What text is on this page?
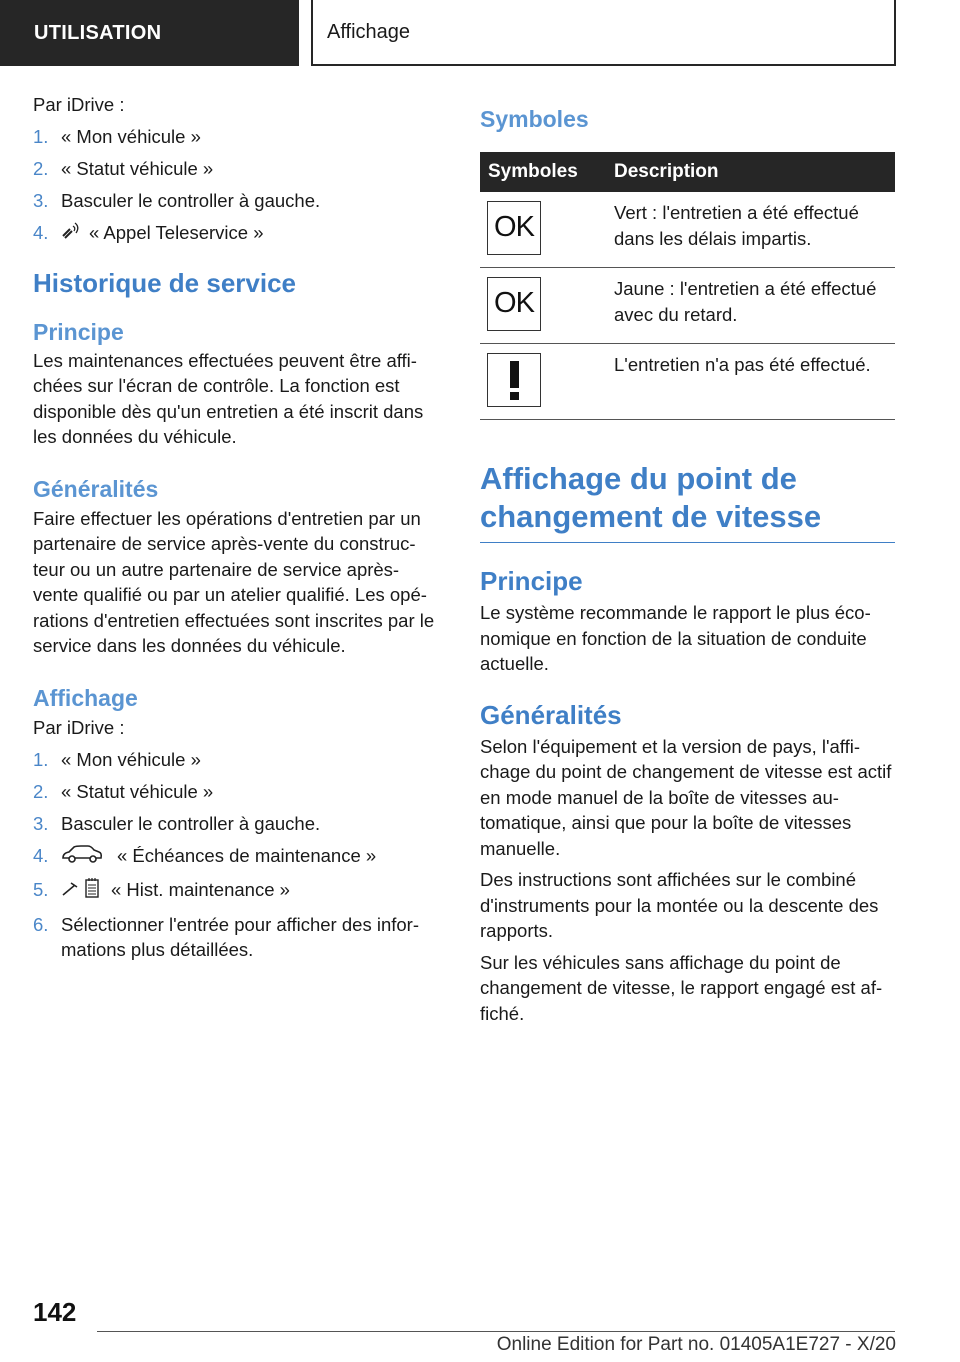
UTILISATION	Affichage

Par iDrive :

1. « Mon véhicule »
2. « Statut véhicule »
3. Basculer le controller à gauche.
4. « Appel Teleservice »
Historique de service
Principe

Les maintenances effectuées peuvent être affichées sur l'écran de contrôle. La fonction est disponible dès qu'un entretien a été inscrit dans les données du véhicule.

Généralités

Faire effectuer les opérations d'entretien par un partenaire de service après-vente du constructeur ou un autre partenaire de service après-vente qualifié ou par un atelier qualifié. Les opérations d'entretien effectuées sont inscrites par le service dans les données du véhicule.

Affichage

Par iDrive :

1. « Mon véhicule »
2. « Statut véhicule »
3. Basculer le controller à gauche.
4.	« Échéances de maintenance »
5.	« Hist. maintenance »
6. Sélectionner l'entrée pour afficher des informations plus détaillées.
Symboles
Symboles	Description

OK	Vert : l'entretien a été effectué dans les délais impartis.

OK	Jaune : l'entretien a été effectué avec du retard.

	L'entretien n'a pas été effectué.
Affichage du point de changement de vitesse
Principe

Le système recommande le rapport le plus économique en fonction de la situation de conduite actuelle.

Généralités

Selon l'équipement et la version de pays, l'affichage du point de changement de vitesse est actif en mode manuel de la boîte de vitesses automatique, ainsi que pour la boîte de vitesses manuelle.

Des instructions sont affichées sur le combiné d'instruments pour la montée ou la descente des rapports.

Sur les véhicules sans affichage du point de changement de vitesse, le rapport engagé est affiché.

142
Online Edition for Part no. 01405A1E727 - X/20
